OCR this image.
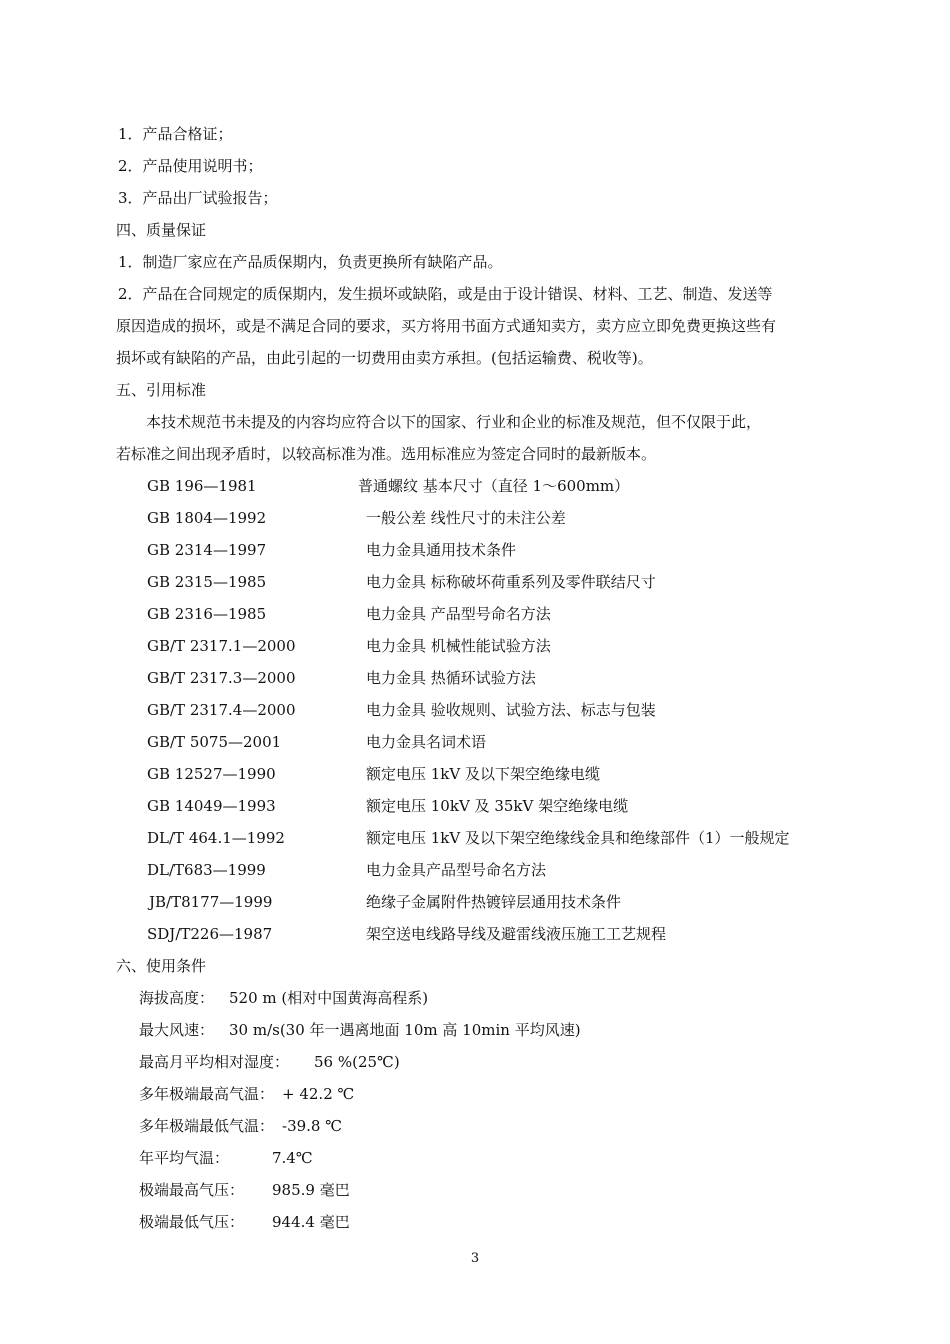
1．产品合格证；
2．产品使用说明书；
3．产品出厂试验报告；
四、质量保证
1．制造厂家应在产品质保期内，负责更换所有缺陷产品。
2．产品在合同规定的质保期内，发生损坏或缺陷，或是由于设计错误、材料、工艺、制造、发送等
原因造成的损坏，或是不满足合同的要求，买方将用书面方式通知卖方，卖方应立即免费更换这些有
损坏或有缺陷的产品，由此引起的一切费用由卖方承担。(包括运输费、税收等)。
五、引用标准
本技术规范书未提及的内容均应符合以下的国家、行业和企业的标准及规范，但不仅限于此，
若标准之间出现矛盾时，以较高标准为准。选用标准应为签定合同时的最新版本。
GB 196—1981	普通螺纹 基本尺寸（直径 1～600mm）
GB 1804—1992	一般公差 线性尺寸的未注公差
GB 2314—1997	电力金具通用技术条件
GB 2315—1985	电力金具 标称破坏荷重系列及零件联结尺寸
GB 2316—1985	电力金具 产品型号命名方法
GB/T 2317.1—2000	电力金具 机械性能试验方法
GB/T 2317.3—2000	电力金具 热循环试验方法
GB/T 2317.4—2000	电力金具 验收规则、试验方法、标志与包装
GB/T 5075—2001	电力金具名词术语
GB 12527—1990	额定电压 1kV 及以下架空绝缘电缆
GB 14049—1993	额定电压 10kV 及 35kV 架空绝缘电缆
DL/T 464.1—1992	额定电压 1kV 及以下架空绝缘线金具和绝缘部件（1）一般规定
DL/T683—1999	电力金具产品型号命名方法
JB/T8177—1999	绝缘子金属附件热镀锌层通用技术条件
SDJ/T226—1987	架空送电线路导线及避雷线液压施工工艺规程
六、使用条件
海拔高度： 520 m (相对中国黄海高程系)
最大风速： 30 m/s(30 年一遇离地面 10m 高 10min 平均风速)
最高月平均相对湿度： 56 %(25℃)
多年极端最高气温： + 42.2 ℃
多年极端最低气温： -39.8 ℃
年平均气温：	7.4℃
极端最高气压： 985.9 毫巴
极端最低气压： 944.4 毫巴
3
